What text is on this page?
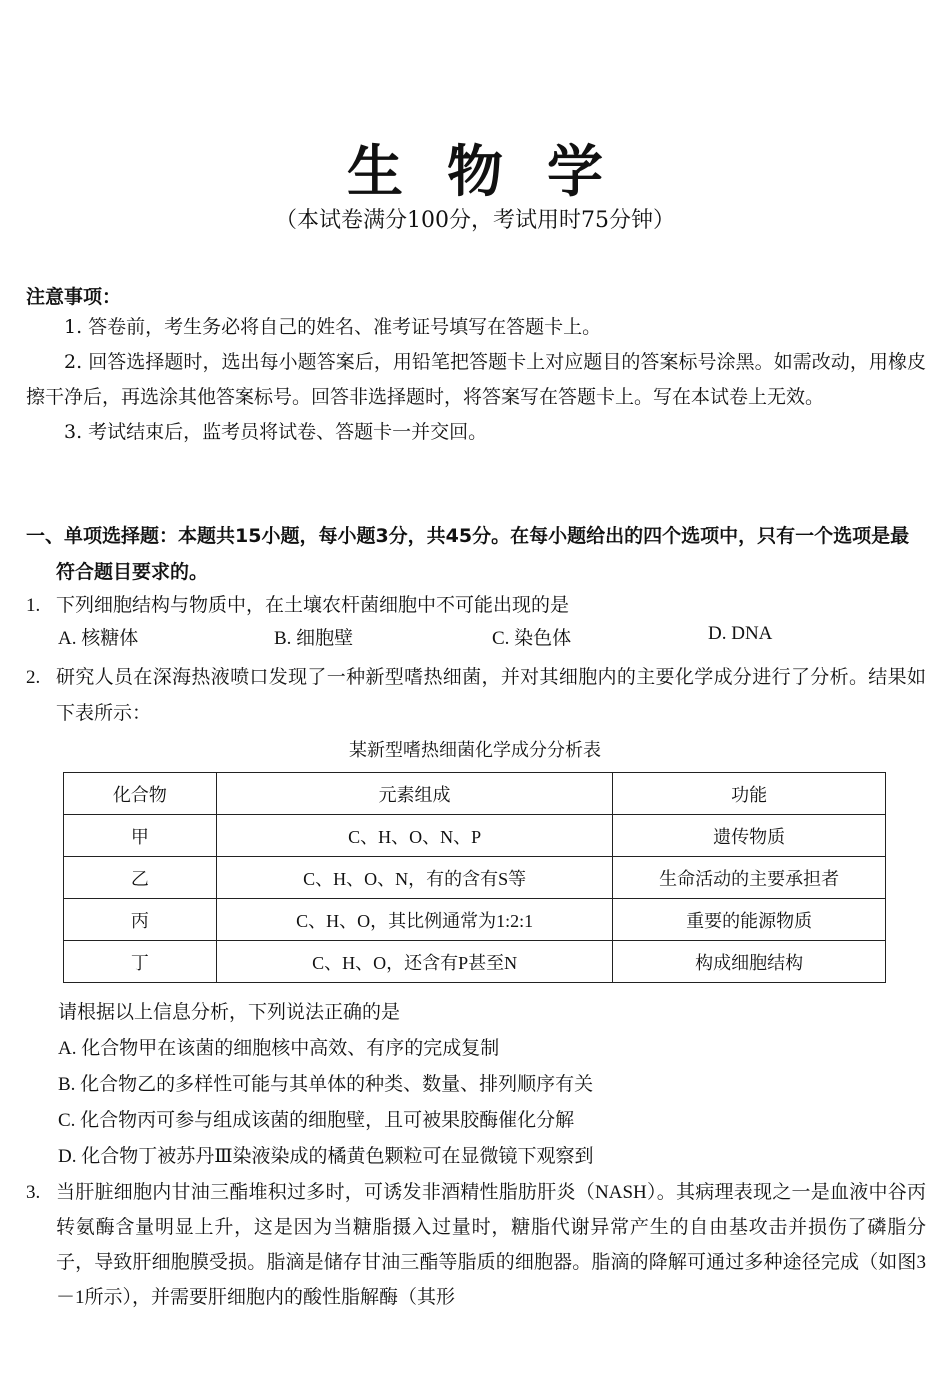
生物学
（本试卷满分100分，考试用时75分钟）
注意事项：

1. 答卷前，考生务必将自己的姓名、准考证号填写在答题卡上。

2. 回答选择题时，选出每小题答案后，用铅笔把答题卡上对应题目的答案标号涂黑。如需改动，用橡皮擦干净后，再选涂其他答案标号。回答非选择题时，将答案写在答题卡上。写在本试卷上无效。

3. 考试结束后，监考员将试卷、答题卡一并交回。

一、单项选择题：本题共15小题，每小题3分，共45分。在每小题给出的四个选项中，只有一个选项是最符合题目要求的。
1. 下列细胞结构与物质中，在土壤农杆菌细胞中不可能出现的是
A. 核糖体	B. 细胞壁	C. 染色体	D. DNA
2. 研究人员在深海热液喷口发现了一种新型嗜热细菌，并对其细胞内的主要化学成分进行了分析。结果如下表所示：
某新型嗜热细菌化学成分分析表
化合物	元素组成	功能
甲	C、H、O、N、P	遗传物质
乙	C、H、O、N，有的含有S等	生命活动的主要承担者
丙	C、H、O，其比例通常为1:2:1	重要的能源物质
丁	C、H、O，还含有P甚至N	构成细胞结构
请根据以上信息分析，下列说法正确的是
A. 化合物甲在该菌的细胞核中高效、有序的完成复制
B. 化合物乙的多样性可能与其单体的种类、数量、排列顺序有关
C. 化合物丙可参与组成该菌的细胞壁，且可被果胶酶催化分解
D. 化合物丁被苏丹Ⅲ染液染成的橘黄色颗粒可在显微镜下观察到
3. 当肝脏细胞内甘油三酯堆积过多时，可诱发非酒精性脂肪肝炎（NASH）。其病理表现之一是血液中谷丙转氨酶含量明显上升，这是因为当糖脂摄入过量时，糖脂代谢异常产生的自由基攻击并损伤了磷脂分子，导致肝细胞膜受损。脂滴是储存甘油三酯等脂质的细胞器。脂滴的降解可通过多种途径完成（如图3－1所示），并需要肝细胞内的酸性脂解酶（其形
